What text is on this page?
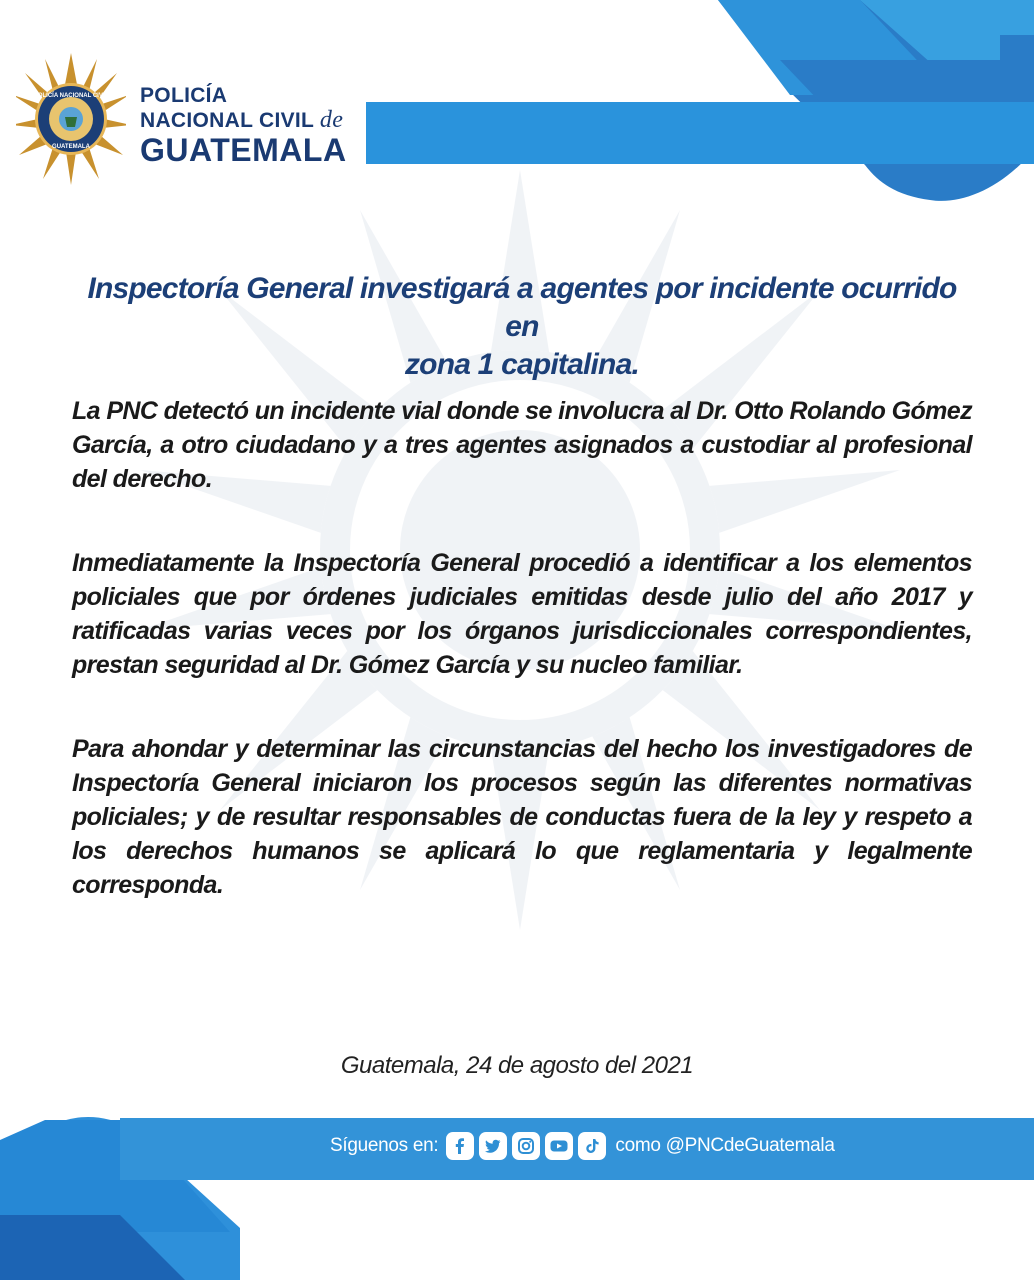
POLICÍA NACIONAL CIVIL
GUATEMALA
POLICÍA
NACIONAL CIVIL de
GUATEMALA
Inspectoría General investigará a agentes por incidente ocurrido en
zona 1 capitalina.

La PNC detectó un incidente vial donde se involucra al Dr. Otto Rolando Gómez García, a otro ciudadano y a tres agentes asignados a custodiar al profesional del derecho.

Inmediatamente la Inspectoría General procedió a identificar a los elementos policiales que por órdenes judiciales emitidas desde julio del año 2017 y ratificadas varias veces por los órganos jurisdiccionales correspondientes, prestan seguridad al Dr. Gómez García y su nucleo familiar.

Para ahondar y determinar las circunstancias del hecho los investigadores de Inspectoría General iniciaron los procesos según las diferentes normativas policiales; y de resultar responsables de conductas fuera de la ley y respeto a los derechos humanos se aplicará lo que reglamentaria y legalmente corresponda.

Guatemala, 24 de agosto del 2021
Síguenos en:	como @PNCdeGuatemala
